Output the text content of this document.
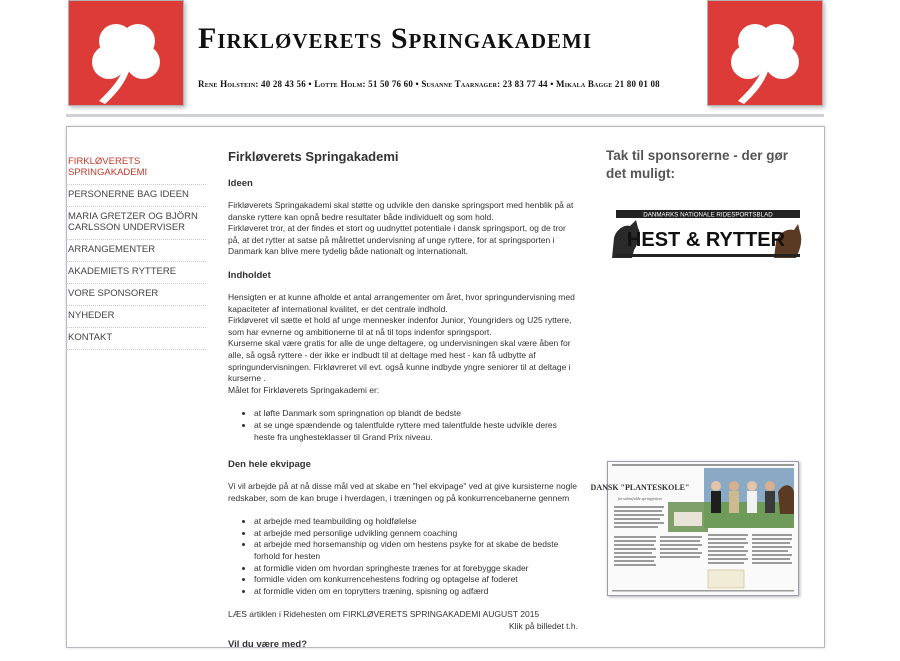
Firkløverets Springakademi
Rene Holstein: 40 28 43 56 • Lotte Holm: 51 50 76 60 • Susanne Taarnager: 23 83 77 44 • Mikala Bagge 21 80 01 08
FIRKLØVERETS SPRINGAKADEMI
PERSONERNE BAG IDEEN
MARIA GRETZER OG BJÖRN CARLSSON UNDERVISER
ARRANGEMENTER
AKADEMIETS RYTTERE
VORE SPONSORER
NYHEDER
KONTAKT
Firkløverets Springakademi
Ideen

Firkløverets Springakademi skal støtte og udvikle den danske springsport med henblik på at danske ryttere kan opnå bedre resultater både individuelt og som hold.
Firkløveret tror, at der findes et stort og uudnyttet potentiale i dansk springsport, og de tror på, at det rytter at satse på målrettet undervisning af unge ryttere, for at springsporten i Danmark kan blive mere tydelig både nationalt og internationalt.

Indholdet

Hensigten er at kunne afholde et antal arrangementer om året, hvor springundervisning med kapaciteter af international kvalitet, er det centrale indhold.
Firkløveret vil sætte et hold af unge mennesker indenfor Junior, Youngriders og U25 ryttere, som har evnerne og ambitionerne til at nå til tops indenfor springsport.
Kurserne skal være gratis for alle de unge deltagere, og undervisningen skal være åben for alle, så også ryttere - der ikke er indbudt til at deltage med hest - kan få udbytte af springundervisningen. Firkløvreret vil evt. også kunne indbyde yngre seniorer til at deltage i kurserne .
Målet for Firkløverets Springakademi er:

• at løfte Danmark som springnation op blandt de bedste
• at se unge spændende og talentfulde ryttere med talentfulde heste udvikle deres heste fra unghesteklasser til Grand Prix niveau.
Den hele ekvipage

Vi vil arbejde på at nå disse mål ved at skabe en "hel ekvipage" ved at give kursisterne nogle redskaber, som de kan bruge i hverdagen, i træningen og på konkurrencebanerne gennem

• at arbejde med teambuilding og holdfølelse
• at arbejde med personlige udvikling gennem coaching
• at arbejde med horsemanship og viden om hestens psyke for at skabe de bedste forhold for hesten
• at formidle viden om hvordan springheste trænes for at forebygge skader
• formidle viden om konkurrencehestens fodring og optagelse af foderet
• at formidle viden om en toprytters træning, spisning og adfærd

LÆS artiklen i Ridehesten om FIRKLØVERETS SPRINGAKADEMI AUGUST 2015

Klik på billedet t.h.

Vil du være med?
Tak til sponsorerne - der gør det muligt:
DANMARKS NATIONALE RIDESPORTSBLAD
HEST & RYTTER
DANSK "PLANTESKOLE"
for talentfulde springryttere
